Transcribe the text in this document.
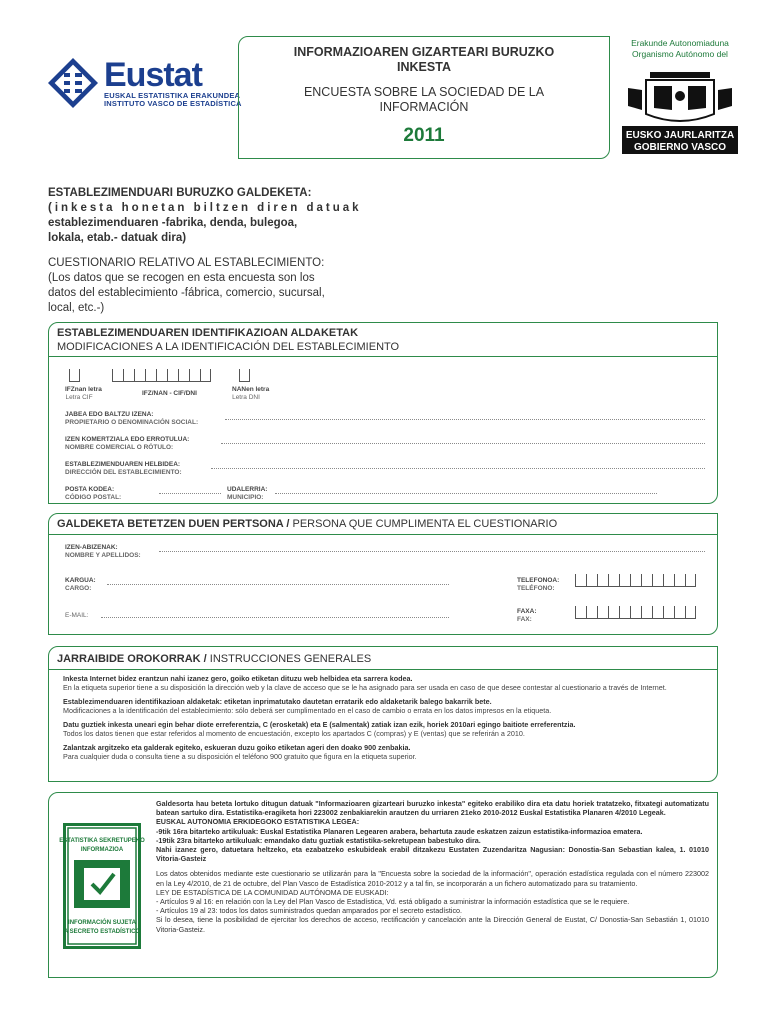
Eustat
EUSKAL ESTATISTIKA ERAKUNDEA
INSTITUTO VASCO DE ESTADÍSTICA
INFORMAZIOAREN GIZARTEARI BURUZKO INKESTA
ENCUESTA SOBRE LA SOCIEDAD DE LA INFORMACIÓN
2011
Erakunde Autonomiaduna
Organismo Autónomo del
EUSKO JAURLARITZA
GOBIERNO VASCO
ESTABLEZIMENDUARI BURUZKO GALDEKETA:
(inkesta honetan biltzen diren datuak
establezimenduaren -fabrika, denda, bulegoa,
lokala, etab.- datuak dira)
CUESTIONARIO RELATIVO AL ESTABLECIMIENTO:
(Los datos que se recogen en esta encuesta son los
datos del establecimiento -fábrica, comercio, sucursal,
local, etc.-)
ESTABLEZIMENDUAREN IDENTIFIKAZIOAN ALDAKETAK
MODIFICACIONES A LA IDENTIFICACIÓN DEL ESTABLECIMIENTO
IFZnan letra
Letra CIF
IFZ/NAN - CIF/DNI
NANen letra
Letra DNI
JABEA EDO BALTZU IZENA:
PROPIETARIO O DENOMINACIÓN SOCIAL:
IZEN KOMERTZIALA EDO ERROTULUA:
NOMBRE COMERCIAL O RÓTULO:
ESTABLEZIMENDUAREN HELBIDEA:
DIRECCIÓN DEL ESTABLECIMIENTO:
POSTA KODEA:
CÓDIGO POSTAL:
UDALERRIA:
MUNICIPIO:
GALDEKETA BETETZEN DUEN PERTSONA / PERSONA QUE CUMPLIMENTA EL CUESTIONARIO
IZEN-ABIZENAK:
NOMBRE Y APELLIDOS:
KARGUA:
CARGO:
TELEFONOA:
TELÉFONO:
E-MAIL:
FAXA:
FAX:
JARRAIBIDE OROKORRAK / INSTRUCCIONES GENERALES

Inkesta Internet bidez erantzun nahi izanez gero, goiko etiketan dituzu web helbidea eta sarrera kodea.

En la etiqueta superior tiene a su disposición la dirección web y la clave de acceso que se le ha asignado para ser usada en caso de que desee contestar al cuestionario a través de Internet.

Establezimenduaren identifikazioan aldaketak: etiketan inprimatutako dautetan erratarik edo aldaketarik balego bakarrik bete.

Modificaciones a la identificación del establecimiento: sólo deberá ser cumplimentado en el caso de cambio o errata en los datos impresos en la etiqueta.

Datu guztiek inkesta uneari egin behar diote erreferentzia, C (erosketak) eta E (salmentak) zatiak izan ezik, horiek 2010ari egingo baitiote erreferentzia.

Todos los datos tienen que estar referidos al momento de encuestación, excepto los apartados C (compras) y E (ventas) que se referirán a 2010.

Zalantzak argitzeko eta galderak egiteko, eskueran duzu goiko etiketan ageri den doako 900 zenbakia.

Para cualquier duda o consulta tiene a su disposición el teléfono 900 gratuito que figura en la etiqueta superior.

ESTATISTIKA SEKRETUPEKO
INFORMAZIOA
INFORMACIÓN SUJETA
A SECRETO ESTADÍSTICO

Galdesorta hau beteta lortuko ditugun datuak "Informazioaren gizarteari buruzko inkesta" egiteko erabiliko dira eta datu horiek tratatzeko, fitxategi automatizatu batean sartuko dira. Estatistika-eragiketa hori 223002 zenbakiarekin arautzen du urriaren 21eko 2010-2012 Euskal Estatistika Planaren 4/2010 Legeak.

EUSKAL AUTONOMIA ERKIDEGOKO ESTATISTIKA LEGEA:

-9tik 16ra bitarteko artikuluak: Euskal Estatistika Planaren Legearen arabera, behartuta zaude eskatzen zaizun estatistika-informazioa ematera.

-19tik 23ra bitarteko artikuluak: emandako datu guztiak estatistika-sekretupean babestuko dira.

Nahi izanez gero, datuetara heltzeko, eta ezabatzeko eskubideak erabil ditzakezu Eustaten Zuzendaritza Nagusian: Donostia-San Sebastian kalea, 1. 01010 Vitoria-Gasteiz

Los datos obtenidos mediante este cuestionario se utilizarán para la "Encuesta sobre la sociedad de la información", operación estadística regulada con el número 223002 en la Ley 4/2010, de 21 de octubre, del Plan Vasco de Estadística 2010-2012 y a tal fin, se incorporarán a un fichero automatizado para su tratamiento.

LEY DE ESTADÍSTICA DE LA COMUNIDAD AUTÓNOMA DE EUSKADI:

- Artículos 9 al 16: en relación con la Ley del Plan Vasco de Estadística, Vd. está obligado a suministrar la información estadística que se le requiere.

- Artículos 19 al 23: todos los datos suministrados quedan amparados por el secreto estadístico.

Si lo desea, tiene la posibilidad de ejercitar los derechos de acceso, rectificación y cancelación ante la Dirección General de Eustat, C/ Donostia-San Sebastián 1, 01010 Vitoria-Gasteiz.
